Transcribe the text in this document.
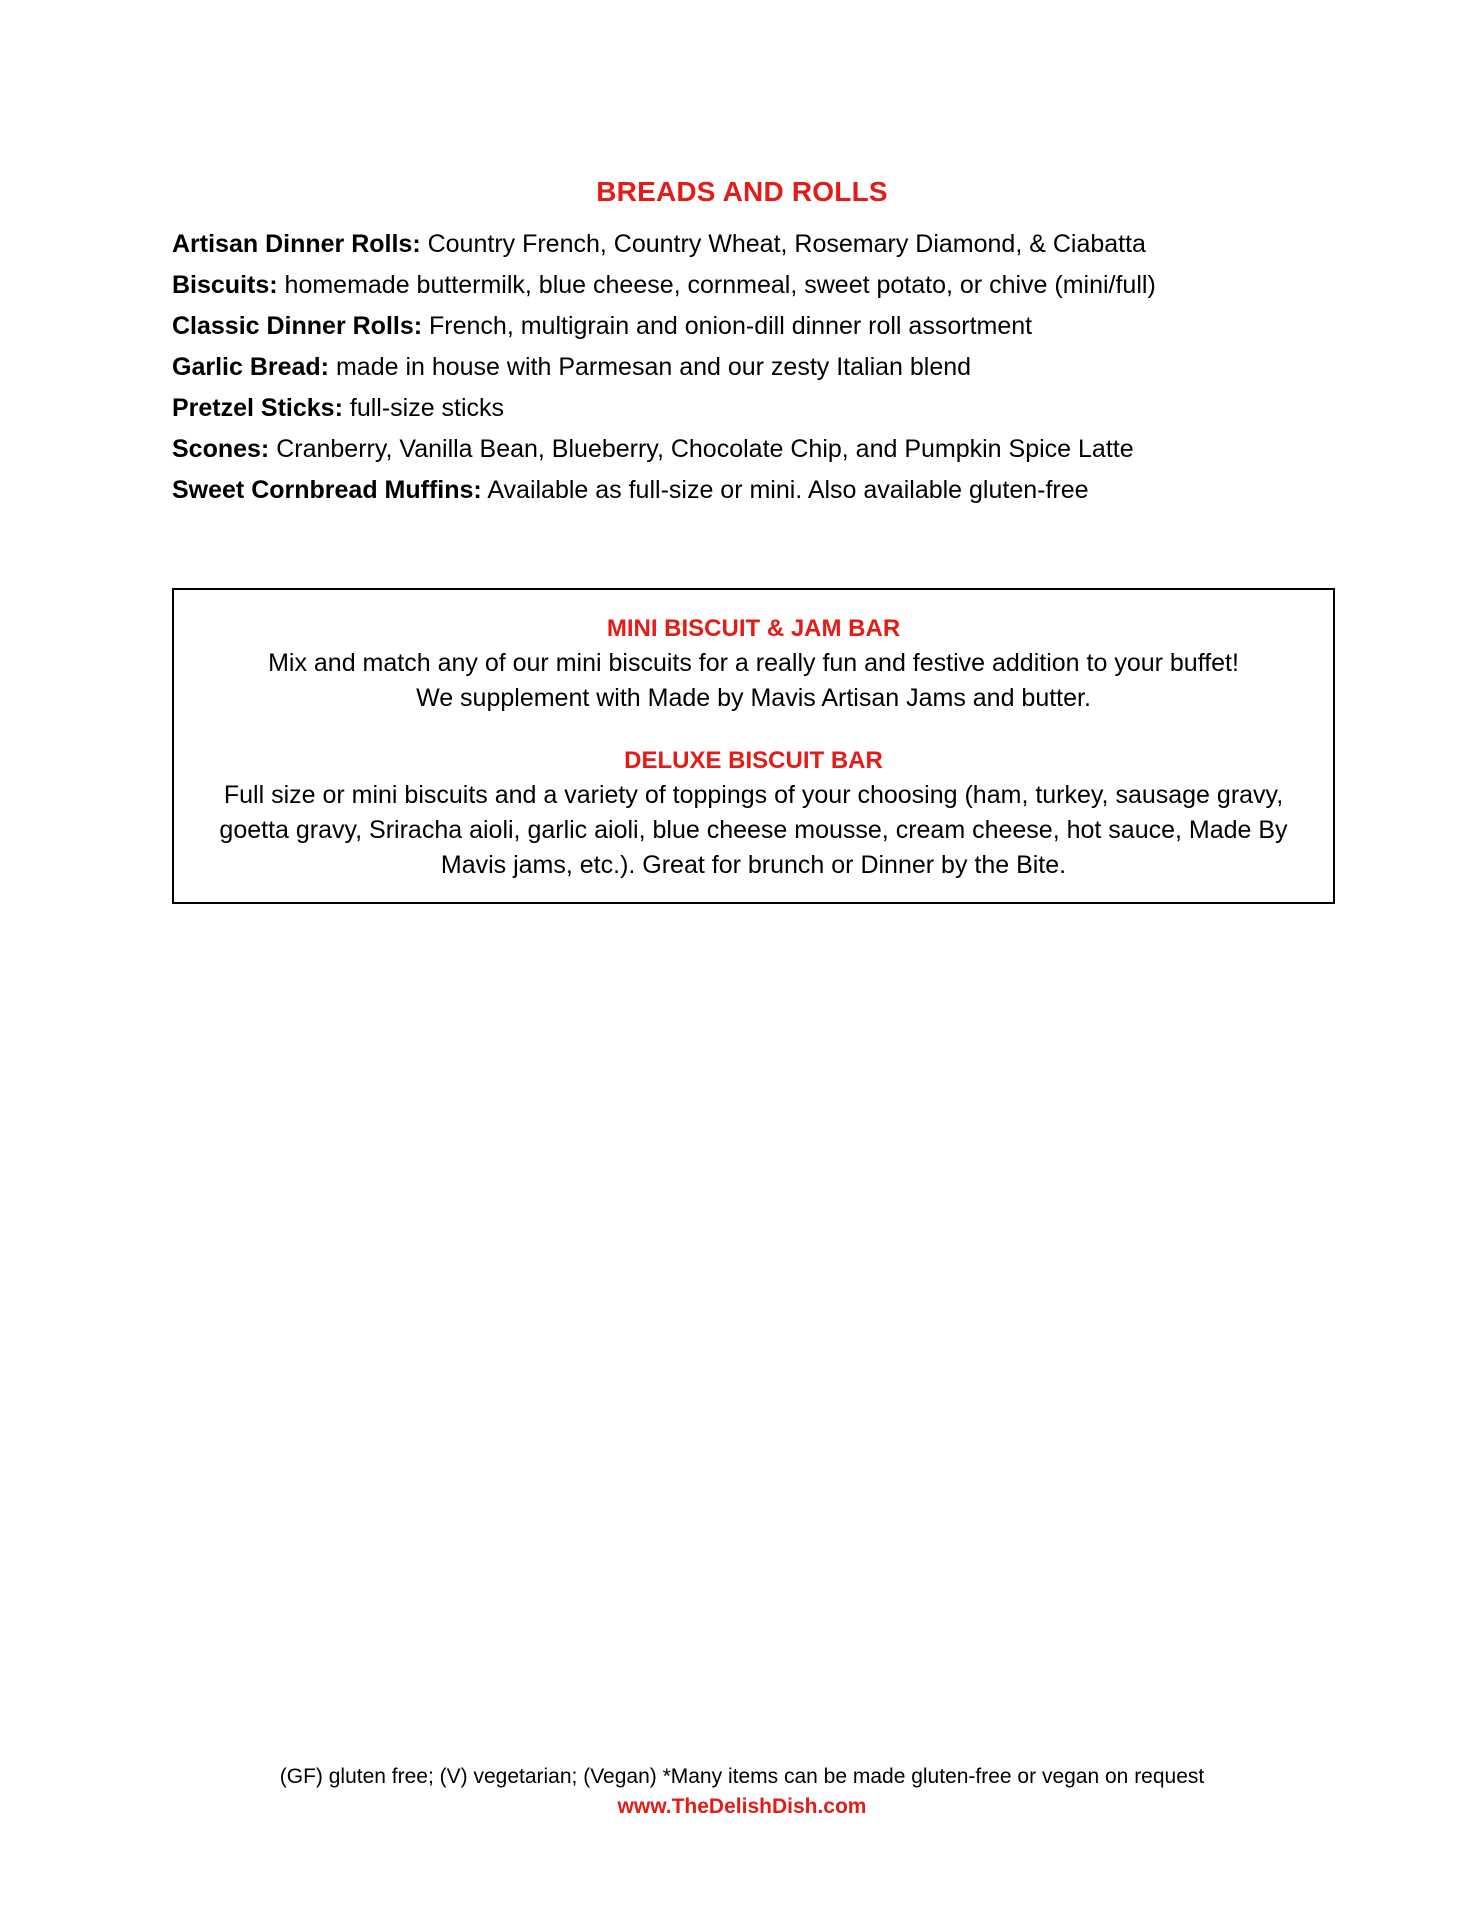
BREADS AND ROLLS
Artisan Dinner Rolls: Country French, Country Wheat, Rosemary Diamond, & Ciabatta
Biscuits: homemade buttermilk, blue cheese, cornmeal, sweet potato, or chive (mini/full)
Classic Dinner Rolls: French, multigrain and onion-dill dinner roll assortment
Garlic Bread: made in house with Parmesan and our zesty Italian blend
Pretzel Sticks: full-size sticks
Scones: Cranberry, Vanilla Bean, Blueberry, Chocolate Chip, and Pumpkin Spice Latte
Sweet Cornbread Muffins: Available as full-size or mini. Also available gluten-free
MINI BISCUIT & JAM BAR

Mix and match any of our mini biscuits for a really fun and festive addition to your buffet!

We supplement with Made by Mavis Artisan Jams and butter.

DELUXE BISCUIT BAR

Full size or mini biscuits and a variety of toppings of your choosing (ham, turkey, sausage gravy,

goetta gravy, Sriracha aioli, garlic aioli, blue cheese mousse, cream cheese, hot sauce, Made By

Mavis jams, etc.). Great for brunch or Dinner by the Bite.

(GF) gluten free; (V) vegetarian; (Vegan) *Many items can be made gluten-free or vegan on request

www.TheDelishDish.com
